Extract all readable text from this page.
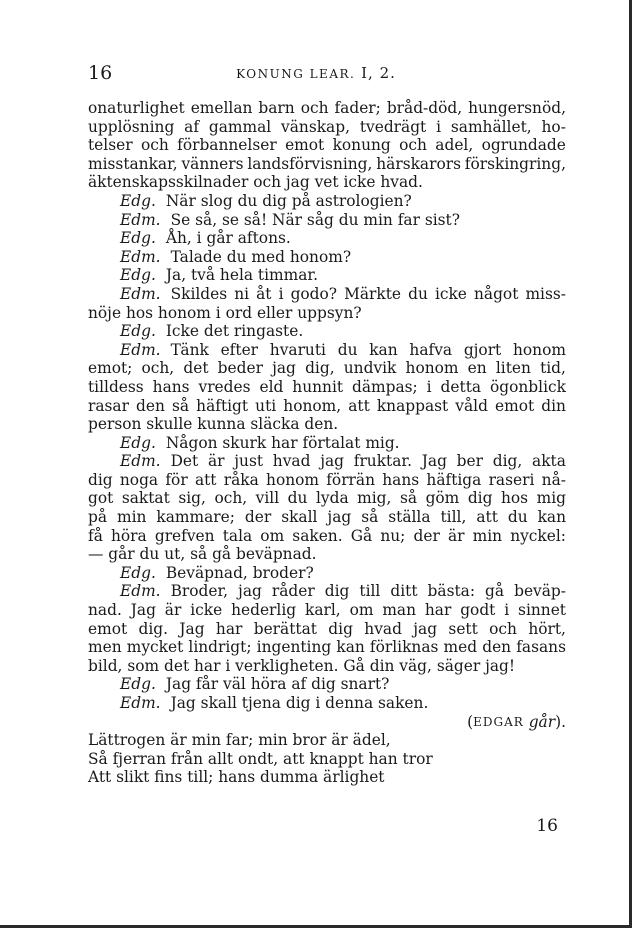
16	KONUNG LEAR. I, 2.
onaturlighet emellan barn och fader; bråd-död, hungersnöd,
upplösning af gammal vänskap, tvedrägt i samhället, ho-
telser och förbannelser emot konung och adel, ogrundade
misstankar, vänners landsförvisning, härskarors förskingring,
äktenskapsskilnader och jag vet icke hvad.
Edg. När slog du dig på astrologien?
Edm. Se så, se så! När såg du min far sist?
Edg. Åh, i går aftons.
Edm. Talade du med honom?
Edg. Ja, två hela timmar.
Edm. Skildes ni åt i godo? Märkte du icke något miss-
nöje hos honom i ord eller uppsyn?
Edg. Icke det ringaste.
Edm. Tänk efter hvaruti du kan hafva gjort honom
emot; och, det beder jag dig, undvik honom en liten tid,
tilldess hans vredes eld hunnit dämpas; i detta ögonblick
rasar den så häftigt uti honom, att knappast våld emot din
person skulle kunna släcka den.
Edg. Någon skurk har förtalat mig.
Edm. Det är just hvad jag fruktar. Jag ber dig, akta
dig noga för att råka honom förrän hans häftiga raseri nå-
got saktat sig, och, vill du lyda mig, så göm dig hos mig
på min kammare; der skall jag så ställa till, att du kan
få höra grefven tala om saken. Gå nu; der är min nyckel:
— går du ut, så gå beväpnad.
Edg. Beväpnad, broder?
Edm. Broder, jag råder dig till ditt bästa: gå beväp-
nad. Jag är icke hederlig karl, om man har godt i sinnet
emot dig. Jag har berättat dig hvad jag sett och hört,
men mycket lindrigt; ingenting kan förliknas med den fasans
bild, som det har i verkligheten. Gå din väg, säger jag!
Edg. Jag får väl höra af dig snart?
Edm. Jag skall tjena dig i denna saken.
( EDGAR
går ).
Lättrogen är min far; min bror är ädel,
Så fjerran från allt ondt, att knappt han tror
Att slikt fins till; hans dumma ärlighet
16
